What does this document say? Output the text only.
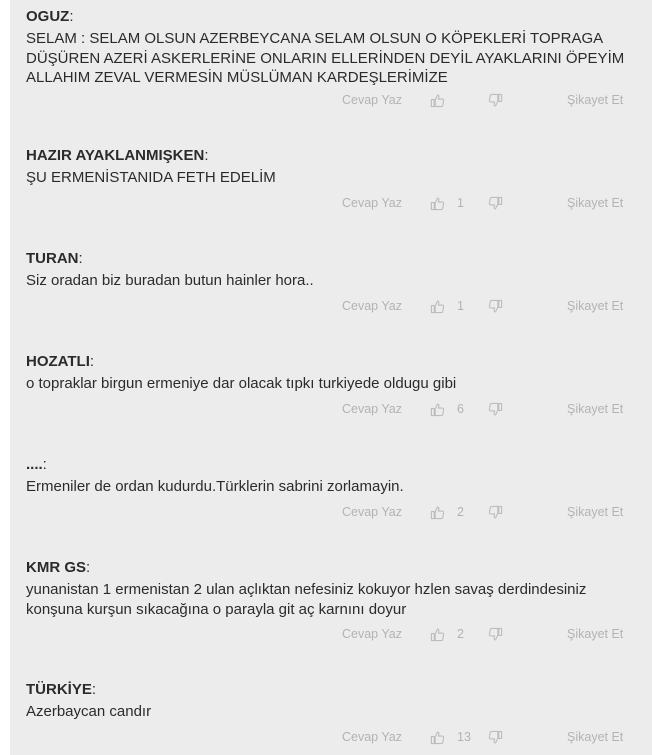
OGUZ:
SELAM : SELAM OLSUN AZERBEYCANA SELAM OLSUN O KÖPEKLERİ TOPRAGA DÜŞÜREN AZERİ ASKERLERİNE ONLARIN ELLERİNDEN DEYİL AYAKLARINI ÖPEYİM ALLAHIM ZEVAL VERMESİN MÜSLÜMAN KARDEŞLERİMİZE
Cevap Yaz	Şikayet Et
HAZIR AYAKLANMIŞKEN:
ŞU ERMENİSTANIDA FETH EDELİM
Cevap Yaz	1	Şikayet Et
TURAN:
Siz oradan biz buradan butun hainler hora..
Cevap Yaz	1	Şikayet Et
HOZATLI:
o topraklar birgun ermeniye dar olacak tıpkı turkiyede oldugu gibi
Cevap Yaz	6	Şikayet Et
....:
Ermeniler de ordan kudurdu.Türklerin sabrini zorlamayin.
Cevap Yaz	2	Şikayet Et
KMR GS:
yunanistan 1 ermenistan 2 ulan açlıktan nefesiniz kokuyor hzlen savaş derdindesiniz konşuna kurşun sıkacağına o parayla git aç karnını doyur
Cevap Yaz	2	Şikayet Et
TÜRKİYE:
Azerbaycan candır
Cevap Yaz	13	Şikayet Et
